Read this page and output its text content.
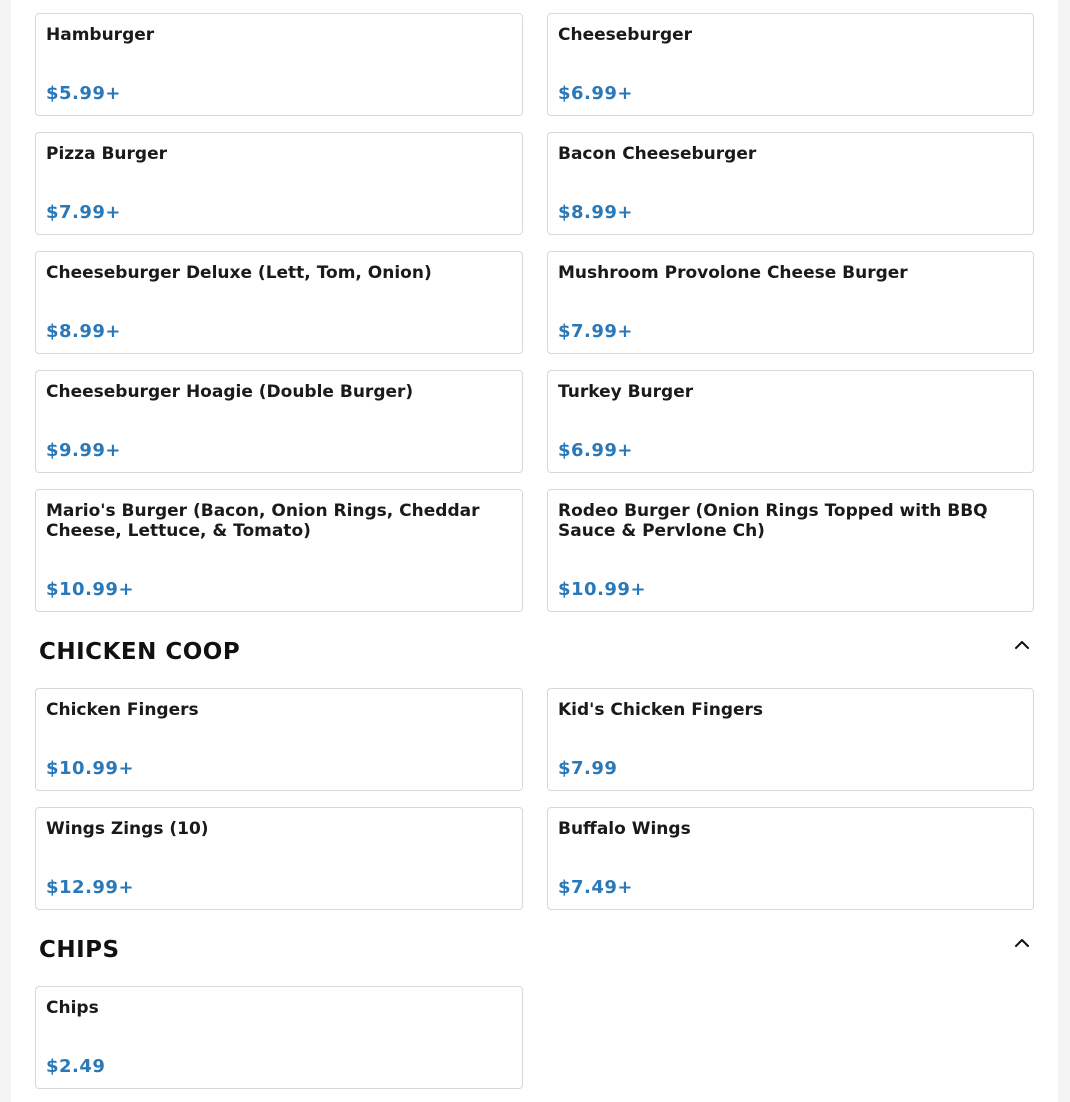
Hamburger
$5.99+
Cheeseburger
$6.99+
Pizza Burger
$7.99+
Bacon Cheeseburger
$8.99+
Cheeseburger Deluxe (Lett, Tom, Onion)
$8.99+
Mushroom Provolone Cheese Burger
$7.99+
Cheeseburger Hoagie (Double Burger)
$9.99+
Turkey Burger
$6.99+
Mario's Burger (Bacon, Onion Rings, Cheddar Cheese, Lettuce, & Tomato)
$10.99+
Rodeo Burger (Onion Rings Topped with BBQ Sauce & Pervlone Ch)
$10.99+
CHICKEN COOP
Chicken Fingers
$10.99+
Kid's Chicken Fingers
$7.99
Wings Zings (10)
$12.99+
Buffalo Wings
$7.49+
CHIPS
Chips
$2.49
